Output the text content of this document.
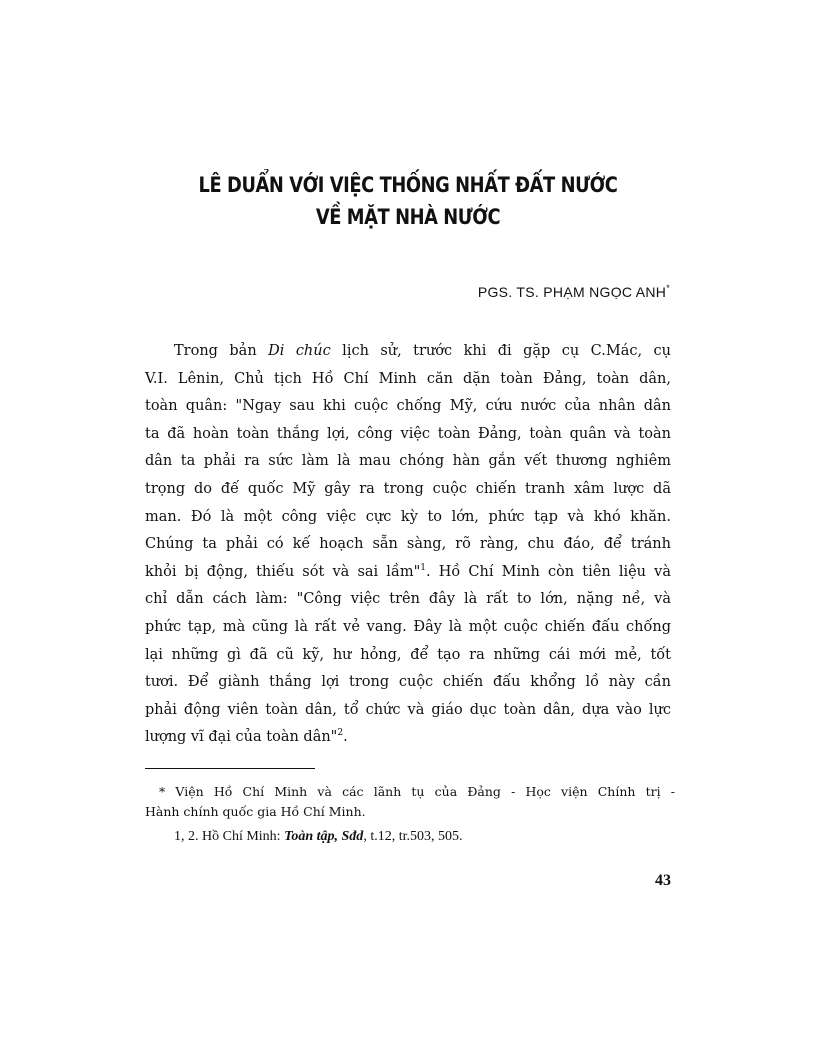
LÊ DUẨN VỚI VIỆC THỐNG NHẤT ĐẤT NƯỚC
VỀ MẶT NHÀ NƯỚC
PGS. TS. PHẠM NGỌC ANH*
Trong bản Di chúc lịch sử, trước khi đi gặp cụ C.Mác, cụ
V.I. Lênin, Chủ tịch Hồ Chí Minh căn dặn toàn Đảng, toàn dân,
toàn quân: "Ngay sau khi cuộc chống Mỹ, cứu nước của nhân dân
ta đã hoàn toàn thắng lợi, công việc toàn Đảng, toàn quân và toàn
dân ta phải ra sức làm là mau chóng hàn gắn vết thương nghiêm
trọng do đế quốc Mỹ gây ra trong cuộc chiến tranh xâm lược dã
man. Đó là một công việc cực kỳ to lớn, phức tạp và khó khăn.
Chúng ta phải có kế hoạch sẵn sàng, rõ ràng, chu đáo, để tránh
khỏi bị động, thiếu sót và sai lầm"$^1$. Hồ Chí Minh còn tiên liệu và
chỉ dẫn cách làm: "Công việc trên đây là rất to lớn, nặng nề, và
phức tạp, mà cũng là rất vẻ vang. Đây là một cuộc chiến đấu chống
lại những gì đã cũ kỹ, hư hỏng, để tạo ra những cái mới mẻ, tốt
tươi. Để giành thắng lợi trong cuộc chiến đấu khổng lồ này cần
phải động viên toàn dân, tổ chức và giáo dục toàn dân, dựa vào lực
lượng vĩ đại của toàn dân"$^2$.
* Viện Hồ Chí Minh và các lãnh tụ của Đảng - Học viện Chính trị -
Hành chính quốc gia Hồ Chí Minh.
1, 2. Hồ Chí Minh: Toàn tập, Sđd, t.12, tr.503, 505.
43
